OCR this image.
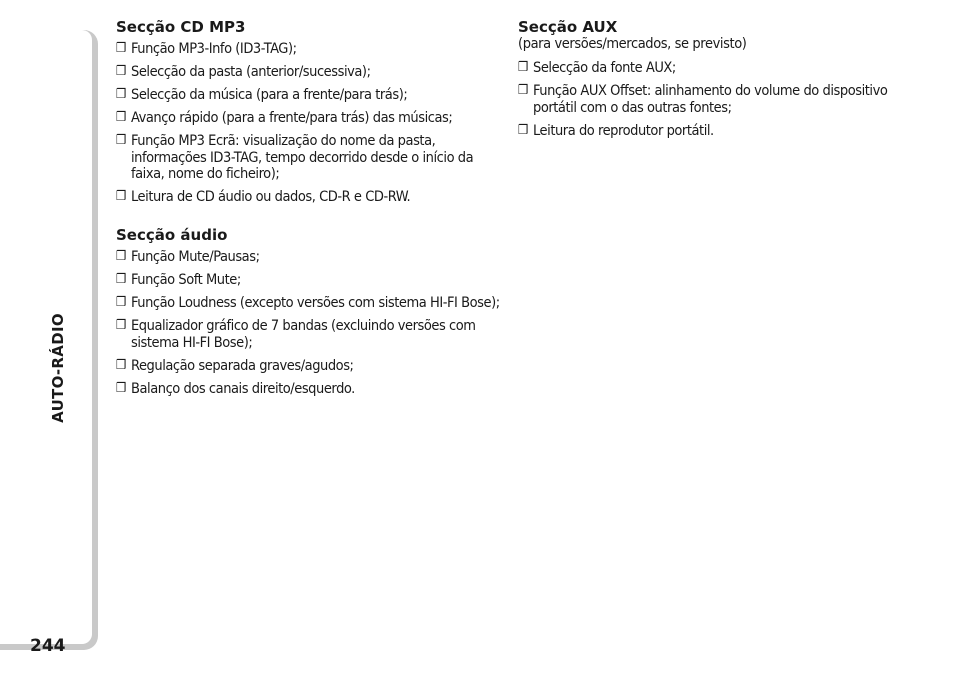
AUTO-RÁDIO
244
Secção CD MP3
❒ Função MP3-Info (ID3-TAG);
❒ Selecção da pasta (anterior/sucessiva);
❒ Selecção da música (para a frente/para trás);
❒ Avanço rápido (para a frente/para trás) das músicas;
❒ Função MP3 Ecrã: visualização do nome da pasta, informações ID3-TAG, tempo decorrido desde o início da faixa, nome do ficheiro);
❒ Leitura de CD áudio ou dados, CD-R e CD-RW.
Secção áudio
❒ Função Mute/Pausas;
❒ Função Soft Mute;
❒ Função Loudness (excepto versões com sistema HI-FI Bose);
❒ Equalizador gráfico de 7 bandas (excluindo versões com sistema HI-FI Bose);
❒ Regulação separada graves/agudos;
❒ Balanço dos canais direito/esquerdo.
Secção AUX

(para versões/mercados, se previsto)

❒ Selecção da fonte AUX;
❒ Função AUX Offset: alinhamento do volume do dispositivo portátil com o das outras fontes;
❒ Leitura do reprodutor portátil.
